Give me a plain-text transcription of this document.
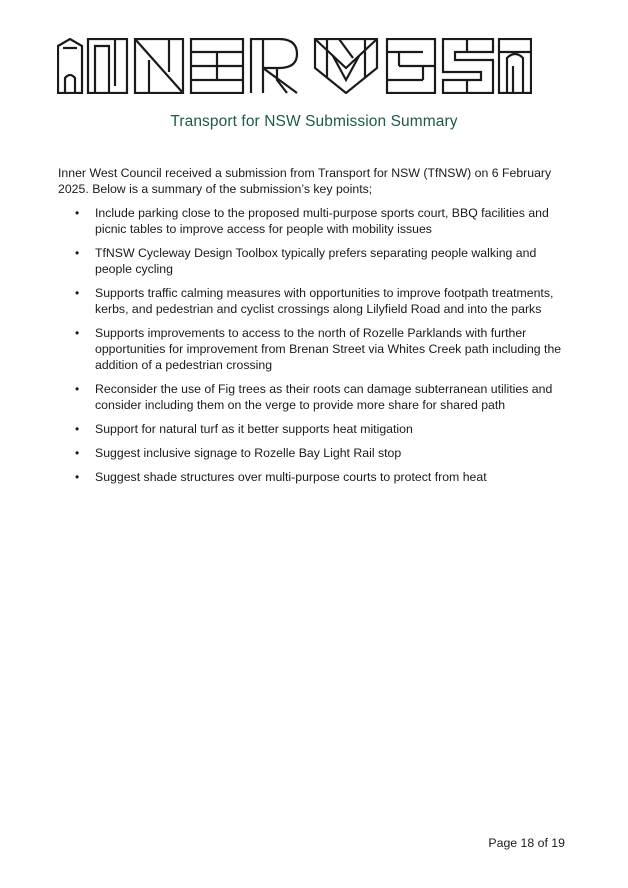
Transport for NSW Submission Summary

Inner West Council received a submission from Transport for NSW (TfNSW) on 6 February 2025. Below is a summary of the submission’s key points;

• Include parking close to the proposed multi-purpose sports court, BBQ facilities and picnic tables to improve access for people with mobility issues
• TfNSW Cycleway Design Toolbox typically prefers separating people walking and people cycling
• Supports traffic calming measures with opportunities to improve footpath treatments, kerbs, and pedestrian and cyclist crossings along Lilyfield Road and into the parks
• Supports improvements to access to the north of Rozelle Parklands with further opportunities for improvement from Brenan Street via Whites Creek path including the addition of a pedestrian crossing
• Reconsider the use of Fig trees as their roots can damage subterranean utilities and consider including them on the verge to provide more share for shared path
• Support for natural turf as it better supports heat mitigation
• Suggest inclusive signage to Rozelle Bay Light Rail stop
• Suggest shade structures over multi-purpose courts to protect from heat
Page 18 of 19
